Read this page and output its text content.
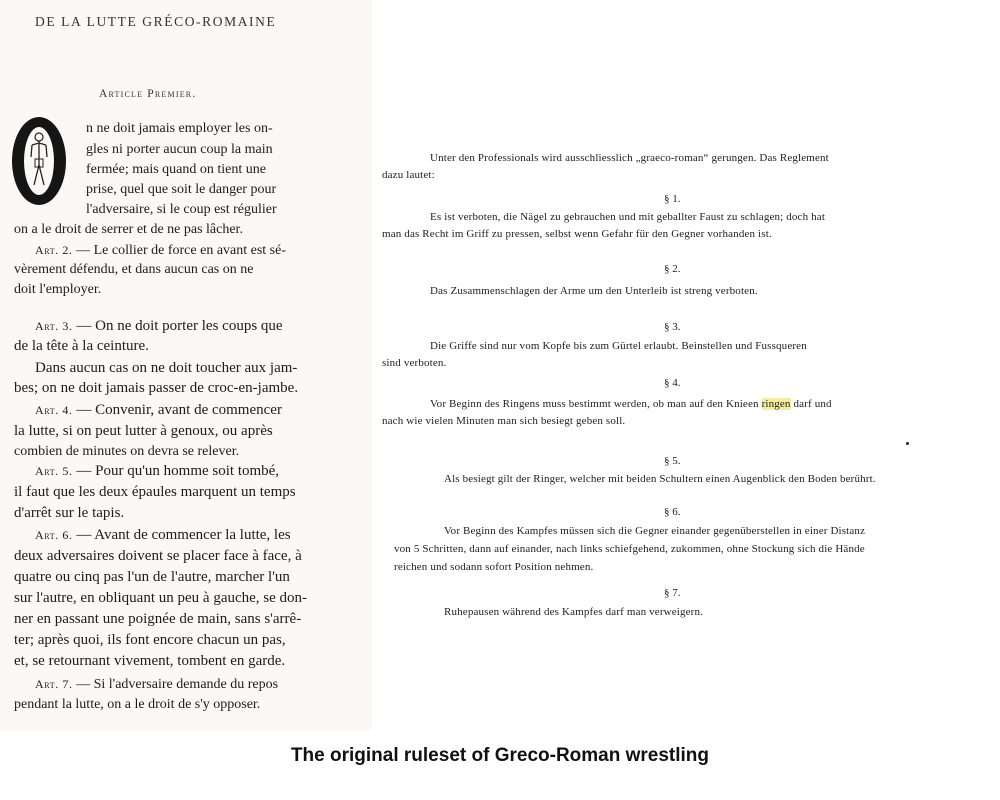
DE LA LUTTE GRÉCO-ROMAINE
Article Premier.
n ne doit jamais employer les on-
gles ni porter aucun coup la main
fermée; mais quand on tient une
prise, quel que soit le danger pour
l'adversaire, si le coup est régulier
on a le droit de serrer et de ne pas lâcher.
Art. 2. — Le collier de force en avant est sé-
vèrement défendu, et dans aucun cas on ne
doit l'employer.
Art. 3. — On ne doit porter les coups que
de la tête à la ceinture.
Dans aucun cas on ne doit toucher aux jam-
bes; on ne doit jamais passer de croc-en-jambe.
Art. 4. — Convenir, avant de commencer
la lutte, si on peut lutter à genoux, ou après
combien de minutes on devra se relever.
Art. 5. — Pour qu'un homme soit tombé,
il faut que les deux épaules marquent un temps
d'arrêt sur le tapis.
Art. 6. — Avant de commencer la lutte, les
deux adversaires doivent se placer face à face, à
quatre ou cinq pas l'un de l'autre, marcher l'un
sur l'autre, en obliquant un peu à gauche, se don-
ner en passant une poignée de main, sans s'arrê-
ter; après quoi, ils font encore chacun un pas,
et, se retournant vivement, tombent en garde.
Art. 7. — Si l'adversaire demande du repos
pendant la lutte, on a le droit de s'y opposer.
Unter den Professionals wird ausschliesslich „graeco-roman“ gerungen. Das Reglement
dazu lautet:
§ 1.
Es ist verboten, die Nägel zu gebrauchen und mit geballter Faust zu schlagen; doch hat
man das Recht im Griff zu pressen, selbst wenn Gefahr für den Gegner vorhanden ist.
§ 2.
Das Zusammenschlagen der Arme um den Unterleib ist streng verboten.
§ 3.
Die Griffe sind nur vom Kopfe bis zum Gürtel erlaubt. Beinstellen und Fussqueren
sind verboten.
§ 4.
Vor Beginn des Ringens muss bestimmt werden, ob man auf den Knieen ringen darf und
nach wie vielen Minuten man sich besiegt geben soll.
§ 5.
Als besiegt gilt der Ringer, welcher mit beiden Schultern einen Augenblick den Boden berührt.
§ 6.
Vor Beginn des Kampfes müssen sich die Gegner einander gegenüberstellen in einer Distanz
von 5 Schritten, dann auf einander, nach links schiefgehend, zukommen, ohne Stockung sich die Hände
reichen und sodann sofort Position nehmen.
§ 7.
Ruhepausen während des Kampfes darf man verweigern.
The original ruleset of Greco-Roman wrestling
